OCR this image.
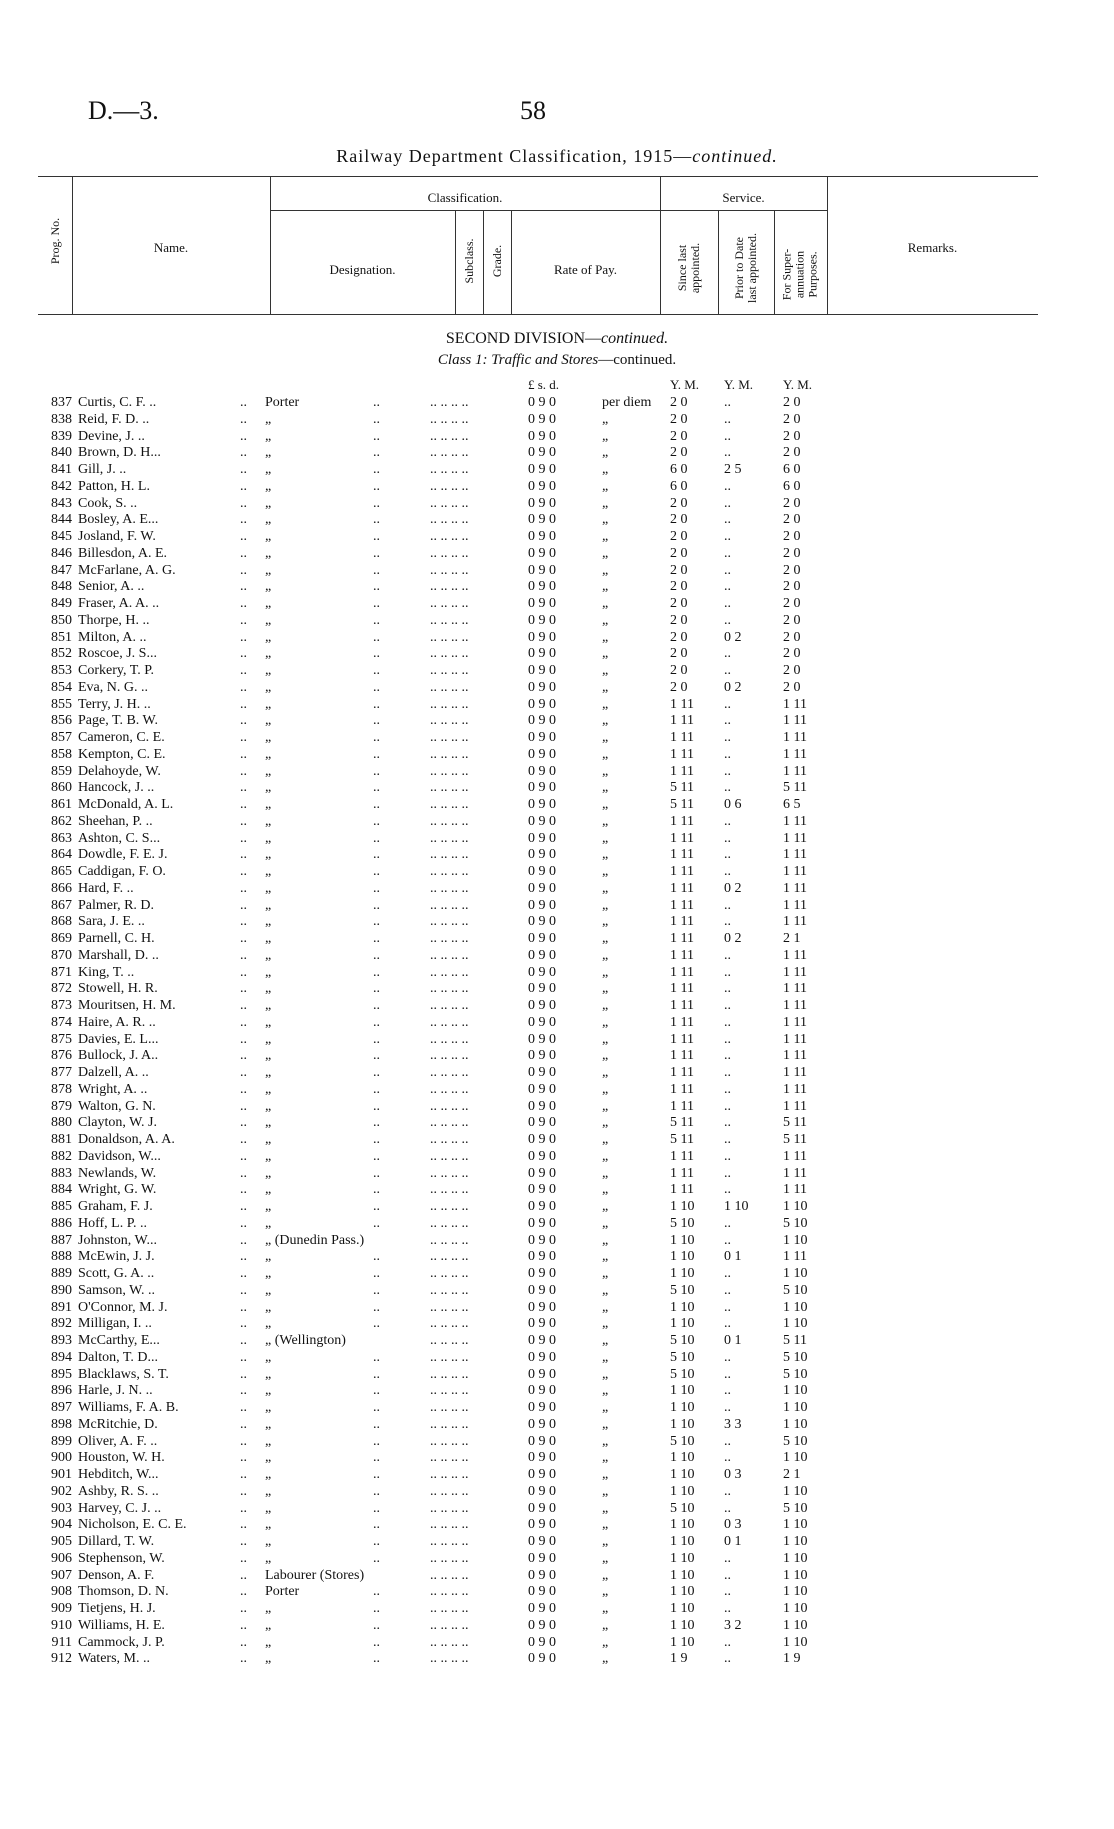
D.—3.	58
Railway Department Classification, 1915—continued.
Prog. No.	Name.
Classification.
Designation.	Subclass. Grade.	Rate of Pay.
Service.
Since last appointed.	Prior to Date last appointed. For Super-annuation Purposes.
Remarks.
SECOND DIVISION—continued.
Class 1: Traffic and Stores—continued.
£ s. d.	Y. M. Y. M. Y. M.
837 Curtis, C. F. ..	.. Porter	..	.. .. .. ..	0 9 0	per diem 2 0	..	2 0
838 Reid, F. D. ..	.. „	..	.. .. .. ..	0 9 0	„	2 0	..	2 0
839 Devine, J. ..	.. „	..	.. .. .. ..	0 9 0	„	2 0	..	2 0
840 Brown, D. H...	.. „	..	.. .. .. ..	0 9 0	„	2 0	..	2 0
841 Gill, J. ..	.. „	..	.. .. .. ..	0 9 0	„	6 0	2 5	6 0
842 Patton, H. L.	.. „	..	.. .. .. ..	0 9 0	„	6 0	..	6 0
843 Cook, S. ..	.. „	..	.. .. .. ..	0 9 0	„	2 0	..	2 0
844 Bosley, A. E...	.. „	..	.. .. .. ..	0 9 0	„	2 0	..	2 0
845 Josland, F. W.	.. „	..	.. .. .. ..	0 9 0	„	2 0	..	2 0
846 Billesdon, A. E.	.. „	..	.. .. .. ..	0 9 0	„	2 0	..	2 0
847 McFarlane, A. G.	.. „	..	.. .. .. ..	0 9 0	„	2 0	..	2 0
848 Senior, A. ..	.. „	..	.. .. .. ..	0 9 0	„	2 0	..	2 0
849 Fraser, A. A. ..	.. „	..	.. .. .. ..	0 9 0	„	2 0	..	2 0
850 Thorpe, H. ..	.. „	..	.. .. .. ..	0 9 0	„	2 0	..	2 0
851 Milton, A. ..	.. „	..	.. .. .. ..	0 9 0	„	2 0	0 2	2 0
852 Roscoe, J. S...	.. „	..	.. .. .. ..	0 9 0	„	2 0	..	2 0
853 Corkery, T. P.	.. „	..	.. .. .. ..	0 9 0	„	2 0	..	2 0
854 Eva, N. G. ..	.. „	..	.. .. .. ..	0 9 0	„	2 0	0 2	2 0
855 Terry, J. H. ..	.. „	..	.. .. .. ..	0 9 0	„	1 11	..	1 11
856 Page, T. B. W.	.. „	..	.. .. .. ..	0 9 0	„	1 11	..	1 11
857 Cameron, C. E.	.. „	..	.. .. .. ..	0 9 0	„	1 11	..	1 11
858 Kempton, C. E.	.. „	..	.. .. .. ..	0 9 0	„	1 11	..	1 11
859 Delahoyde, W.	.. „	..	.. .. .. ..	0 9 0	„	1 11	..	1 11
860 Hancock, J. ..	.. „	..	.. .. .. ..	0 9 0	„	5 11	..	5 11
861 McDonald, A. L.	.. „	..	.. .. .. ..	0 9 0	„	5 11	0 6	6 5
862 Sheehan, P. ..	.. „	..	.. .. .. ..	0 9 0	„	1 11	..	1 11
863 Ashton, C. S...	.. „	..	.. .. .. ..	0 9 0	„	1 11	..	1 11
864 Dowdle, F. E. J.	.. „	..	.. .. .. ..	0 9 0	„	1 11	..	1 11
865 Caddigan, F. O.	.. „	..	.. .. .. ..	0 9 0	„	1 11	..	1 11
866 Hard, F. ..	.. „	..	.. .. .. ..	0 9 0	„	1 11	0 2	1 11
867 Palmer, R. D.	.. „	..	.. .. .. ..	0 9 0	„	1 11	..	1 11
868 Sara, J. E. ..	.. „	..	.. .. .. ..	0 9 0	„	1 11	..	1 11
869 Parnell, C. H.	.. „	..	.. .. .. ..	0 9 0	„	1 11	0 2	2 1
870 Marshall, D. ..	.. „	..	.. .. .. ..	0 9 0	„	1 11	..	1 11
871 King, T. ..	.. „	..	.. .. .. ..	0 9 0	„	1 11	..	1 11
872 Stowell, H. R.	.. „	..	.. .. .. ..	0 9 0	„	1 11	..	1 11
873 Mouritsen, H. M.	.. „	..	.. .. .. ..	0 9 0	„	1 11	..	1 11
874 Haire, A. R. ..	.. „	..	.. .. .. ..	0 9 0	„	1 11	..	1 11
875 Davies, E. L...	.. „	..	.. .. .. ..	0 9 0	„	1 11	..	1 11
876 Bullock, J. A..	.. „	..	.. .. .. ..	0 9 0	„	1 11	..	1 11
877 Dalzell, A. ..	.. „	..	.. .. .. ..	0 9 0	„	1 11	..	1 11
878 Wright, A. ..	.. „	..	.. .. .. ..	0 9 0	„	1 11	..	1 11
879 Walton, G. N.	.. „	..	.. .. .. ..	0 9 0	„	1 11	..	1 11
880 Clayton, W. J.	.. „	..	.. .. .. ..	0 9 0	„	5 11	..	5 11
881 Donaldson, A. A.	.. „	..	.. .. .. ..	0 9 0	„	5 11	..	5 11
882 Davidson, W...	.. „	..	.. .. .. ..	0 9 0	„	1 11	..	1 11
883 Newlands, W.	.. „	..	.. .. .. ..	0 9 0	„	1 11	..	1 11
884 Wright, G. W.	.. „	..	.. .. .. ..	0 9 0	„	1 11	..	1 11
885 Graham, F. J.	.. „	..	.. .. .. ..	0 9 0	„	1 10	1 10	1 10
886 Hoff, L. P. ..	.. „	..	.. .. .. ..	0 9 0	„	5 10	..	5 10
887 Johnston, W...	.. „ (Dunedin Pass.)	.. .. .. ..	0 9 0	„	1 10	..	1 10
888 McEwin, J. J.	.. „	..	.. .. .. ..	0 9 0	„	1 10	0 1	1 11
889 Scott, G. A. ..	.. „	..	.. .. .. ..	0 9 0	„	1 10	..	1 10
890 Samson, W. ..	.. „	..	.. .. .. ..	0 9 0	„	5 10	..	5 10
891 O'Connor, M. J.	.. „	..	.. .. .. ..	0 9 0	„	1 10	..	1 10
892 Milligan, I. ..	.. „	..	.. .. .. ..	0 9 0	„	1 10	..	1 10
893 McCarthy, E...	.. „ (Wellington)	.. .. .. ..	0 9 0	„	5 10	0 1	5 11
894 Dalton, T. D...	.. „	..	.. .. .. ..	0 9 0	„	5 10	..	5 10
895 Blacklaws, S. T.	.. „	..	.. .. .. ..	0 9 0	„	5 10	..	5 10
896 Harle, J. N. ..	.. „	..	.. .. .. ..	0 9 0	„	1 10	..	1 10
897 Williams, F. A. B.	.. „	..	.. .. .. ..	0 9 0	„	1 10	..	1 10
898 McRitchie, D.	.. „	..	.. .. .. ..	0 9 0	„	1 10	3 3	1 10
899 Oliver, A. F. ..	.. „	..	.. .. .. ..	0 9 0	„	5 10	..	5 10
900 Houston, W. H.	.. „	..	.. .. .. ..	0 9 0	„	1 10	..	1 10
901 Hebditch, W...	.. „	..	.. .. .. ..	0 9 0	„	1 10	0 3	2 1
902 Ashby, R. S. ..	.. „	..	.. .. .. ..	0 9 0	„	1 10	..	1 10
903 Harvey, C. J. ..	.. „	..	.. .. .. ..	0 9 0	„	5 10	..	5 10
904 Nicholson, E. C. E.	.. „	..	.. .. .. ..	0 9 0	„	1 10	0 3	1 10
905 Dillard, T. W.	.. „	..	.. .. .. ..	0 9 0	„	1 10	0 1	1 10
906 Stephenson, W.	.. „	..	.. .. .. ..	0 9 0	„	1 10	..	1 10
907 Denson, A. F.	.. Labourer (Stores)	.. .. .. ..	0 9 0	„	1 10	..	1 10
908 Thomson, D. N.	.. Porter	..	.. .. .. ..	0 9 0	„	1 10	..	1 10
909 Tietjens, H. J.	.. „	..	.. .. .. ..	0 9 0	„	1 10	..	1 10
910 Williams, H. E.	.. „	..	.. .. .. ..	0 9 0	„	1 10	3 2	1 10
911 Cammock, J. P.	.. „	..	.. .. .. ..	0 9 0	„	1 10	..	1 10
912 Waters, M. ..	.. „	..	.. .. .. ..	0 9 0	„	1 9	..	1 9
